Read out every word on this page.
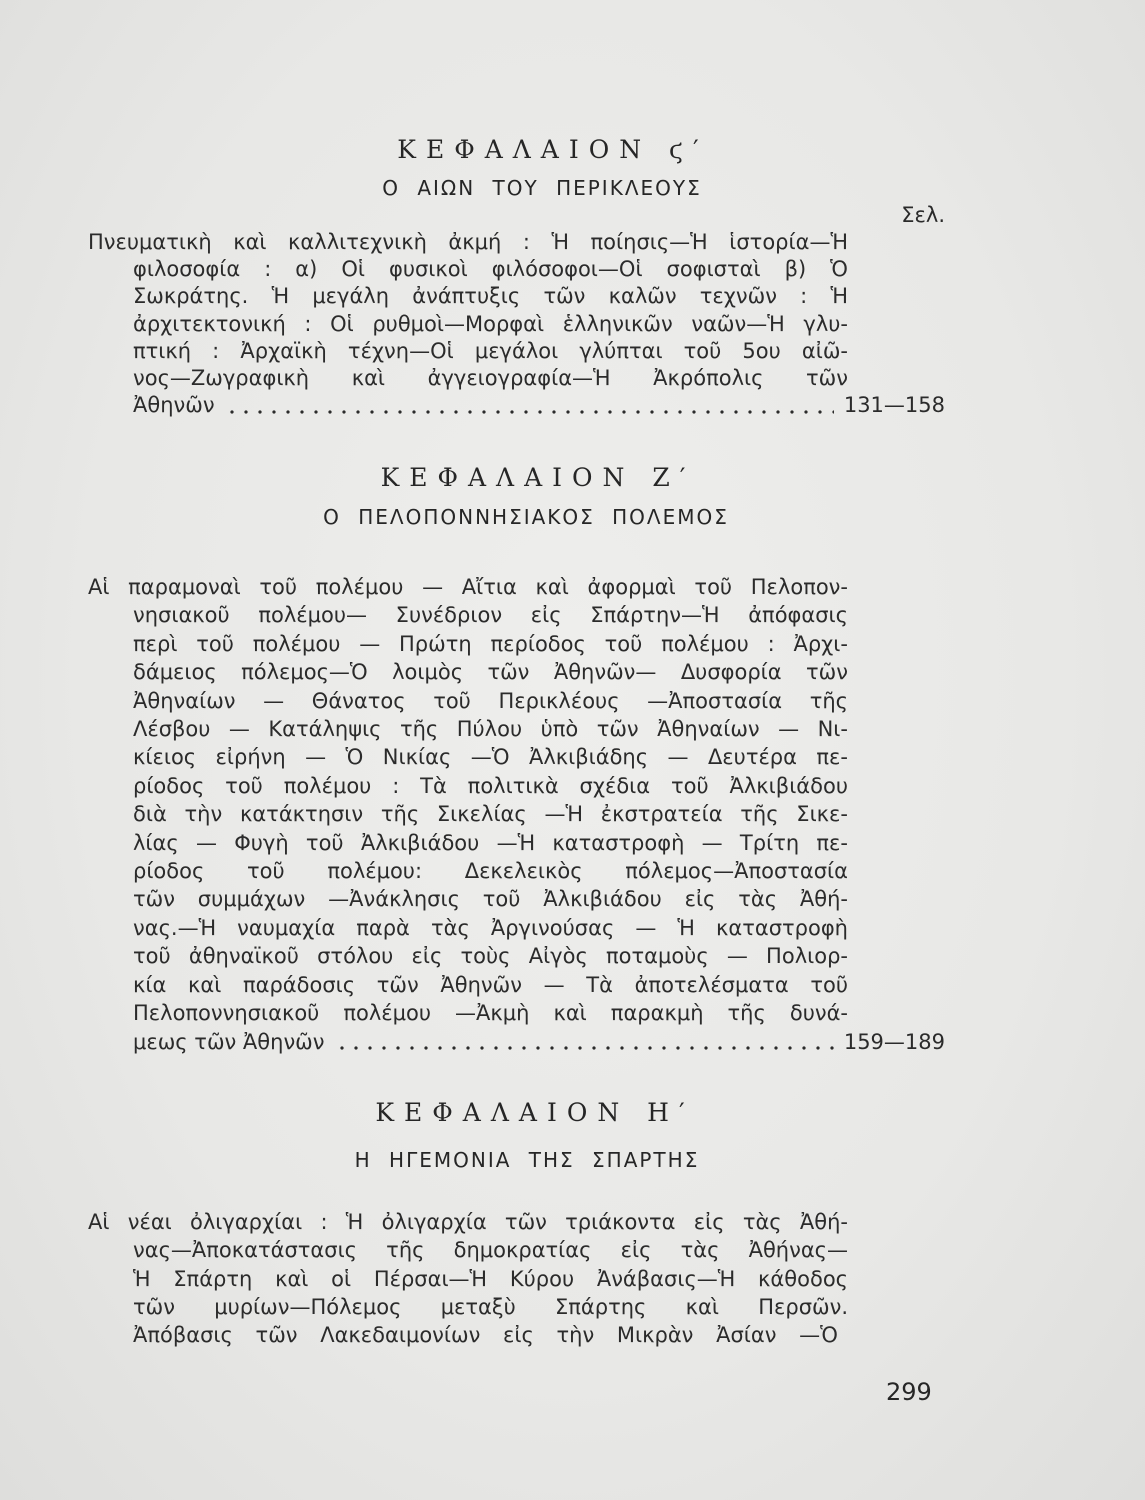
ΚΕΦΑΛΑΙΟΝ ϛ′
Ο ΑΙΩΝ ΤΟΥ ΠΕΡΙΚΛΕΟΥΣ
Σελ.
Πνευματικὴ καὶ καλλιτεχνικὴ ἀκμή : Ἡ ποίησις—Ἡ ἱστορία—Ἡ
φιλοσοφία : α) Οἱ φυσικοὶ φιλόσοφοι—Οἱ σοφισταὶ β) Ὁ
Σωκράτης. Ἡ μεγάλη ἀνάπτυξις τῶν καλῶν τεχνῶν : Ἡ
ἀρχιτεκτονική : Οἱ ρυθμοὶ—Μορφαὶ ἑλληνικῶν ναῶν—Ἡ γλυ-
πτική : Ἀρχαϊκὴ τέχνη—Οἱ μεγάλοι γλύπται τοῦ 5ου αἰῶ-
νος—Ζωγραφικὴ καὶ ἀγγειογραφία—Ἡ Ἀκρόπολις τῶν
Ἀθηνῶν	131—158
ΚΕΦΑΛΑΙΟΝ Ζ′
Ο ΠΕΛΟΠΟΝΝΗΣΙΑΚΟΣ ΠΟΛΕΜΟΣ
Αἱ παραμοναὶ τοῦ πολέμου — Αἴτια καὶ ἀφορμαὶ τοῦ Πελοπον-
νησιακοῦ πολέμου— Συνέδριον εἰς Σπάρτην—Ἡ ἀπόφασις
περὶ τοῦ πολέμου — Πρώτη περίοδος τοῦ πολέμου : Ἀρχι-
δάμειος πόλεμος—Ὁ λοιμὸς τῶν Ἀθηνῶν— Δυσφορία τῶν
Ἀθηναίων — Θάνατος τοῦ Περικλέους —Ἀποστασία τῆς
Λέσβου — Κατάληψις τῆς Πύλου ὑπὸ τῶν Ἀθηναίων — Νι-
κίειος εἰρήνη — Ὁ Νικίας —Ὁ Ἀλκιβιάδης — Δευτέρα πε-
ρίοδος τοῦ πολέμου : Τὰ πολιτικὰ σχέδια τοῦ Ἀλκιβιάδου
διὰ τὴν κατάκτησιν τῆς Σικελίας —Ἡ ἐκστρατεία τῆς Σικε-
λίας — Φυγὴ τοῦ Ἀλκιβιάδου —Ἡ καταστροφὴ — Τρίτη πε-
ρίοδος τοῦ πολέμου: Δεκελεικὸς πόλεμος—Ἀποστασία
τῶν συμμάχων —Ἀνάκλησις τοῦ Ἀλκιβιάδου εἰς τὰς Ἀθή-
νας.—Ἡ ναυμαχία παρὰ τὰς Ἀργινούσας — Ἡ καταστροφὴ
τοῦ ἀθηναϊκοῦ στόλου εἰς τοὺς Αἰγὸς ποταμοὺς — Πολιορ-
κία καὶ παράδοσις τῶν Ἀθηνῶν — Τὰ ἀποτελέσματα τοῦ
Πελοποννησιακοῦ πολέμου —Ἀκμὴ καὶ παρακμὴ τῆς δυνά-
μεως τῶν Ἀθηνῶν	159—189
ΚΕΦΑΛΑΙΟΝ Η′
Η ΗΓΕΜΟΝΙΑ ΤΗΣ ΣΠΑΡΤΗΣ
Αἱ νέαι ὀλιγαρχίαι : Ἡ ὀλιγαρχία τῶν τριάκοντα εἰς τὰς Ἀθή-
νας—Ἀποκατάστασις τῆς δημοκρατίας εἰς τὰς Ἀθήνας—
Ἡ Σπάρτη καὶ οἱ Πέρσαι—Ἡ Κύρου Ἀνάβασις—Ἡ κάθοδος
τῶν μυρίων—Πόλεμος μεταξὺ Σπάρτης καὶ Περσῶν.
Ἀπόβασις τῶν Λακεδαιμονίων εἰς τὴν Μικρὰν Ἀσίαν —Ὁ
299
